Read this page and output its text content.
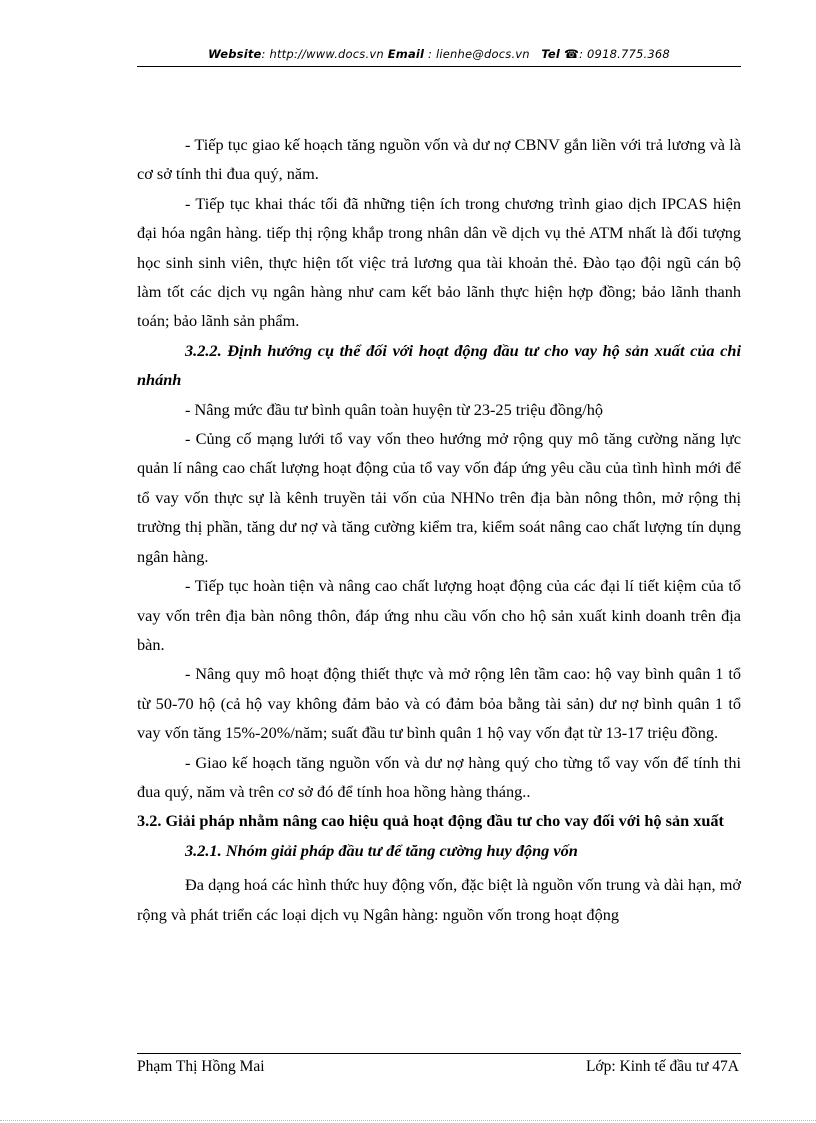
Website: http://www.docs.vn Email : lienhe@docs.vn Tel ☎: 0918.775.368

- Tiếp tục giao kế hoạch tăng nguồn vốn và dư nợ CBNV gắn liền với trả lương và là cơ sở tính thi đua quý, năm.

- Tiếp tục khai thác tối đã những tiện ích trong chương trình giao dịch IPCAS hiện đại hóa ngân hàng. tiếp thị rộng khắp trong nhân dân về dịch vụ thẻ ATM nhất là đối tượng học sinh sinh viên, thực hiện tốt việc trả lương qua tài khoản thẻ. Đào tạo đội ngũ cán bộ làm tốt các dịch vụ ngân hàng như cam kết bảo lãnh thực hiện hợp đồng; bảo lãnh thanh toán; bảo lãnh sản phẩm.

3.2.2. Định hướng cụ thể đối với hoạt động đầu tư cho vay hộ sản xuất của chi nhánh

- Nâng mức đầu tư bình quân toàn huyện từ 23-25 triệu đồng/hộ

- Củng cố mạng lưới tổ vay vốn theo hướng mở rộng quy mô tăng cường năng lực quản lí nâng cao chất lượng hoạt động của tổ vay vốn đáp ứng yêu cầu của tình hình mới để tổ vay vốn thực sự là kênh truyền tải vốn của NHNo trên địa bàn nông thôn, mở rộng thị trường thị phần, tăng dư nợ và tăng cường kiểm tra, kiểm soát nâng cao chất lượng tín dụng ngân hàng.

- Tiếp tục hoàn tiện và nâng cao chất lượng hoạt động của các đại lí tiết kiệm của tổ vay vốn trên địa bàn nông thôn, đáp ứng nhu cầu vốn cho hộ sản xuất kinh doanh trên địa bàn.

- Nâng quy mô hoạt động thiết thực và mở rộng lên tầm cao: hộ vay bình quân 1 tổ từ 50-70 hộ (cả hộ vay không đảm bảo và có đảm bỏa bằng tài sản) dư nợ bình quân 1 tổ vay vốn tăng 15%-20%/năm; suất đầu tư bình quân 1 hộ vay vốn đạt từ 13-17 triệu đồng.

- Giao kế hoạch tăng nguồn vốn và dư nợ hàng quý cho từng tổ vay vốn để tính thi đua quý, năm và trên cơ sở đó để tính hoa hồng hàng tháng..

3.2. Giải pháp nhằm nâng cao hiệu quả hoạt động đầu tư cho vay đối với hộ sản xuất

3.2.1. Nhóm giải pháp đầu tư để tăng cường huy động vốn

Đa dạng hoá các hình thức huy động vốn, đặc biệt là nguồn vốn trung và dài hạn, mở rộng và phát triển các loại dịch vụ Ngân hàng: nguồn vốn trong hoạt động

Phạm Thị Hồng Mai	Lớp: Kinh tế đầu tư 47A
